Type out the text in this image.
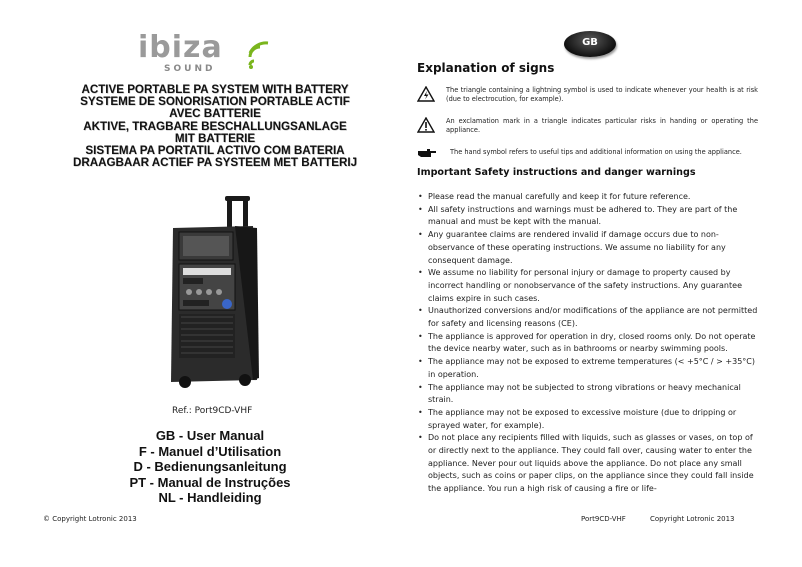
ibiza
SOUND
ACTIVE PORTABLE PA SYSTEM WITH BATTERY
SYSTEME DE SONORISATION PORTABLE ACTIF
AVEC BATTERIE
AKTIVE, TRAGBARE BESCHALLUNGSANLAGE
MIT BATTERIE
SISTEMA PA PORTATIL ACTIVO COM BATERIA
DRAAGBAAR ACTIEF PA SYSTEEM MET BATTERIJ
Ref.: Port9CD-VHF
GB - User Manual
F - Manuel d’Utilisation
D - Bedienungsanleitung
PT - Manual de Instruções
NL - Handleiding
© Copyright Lotronic 2013
GB
Explanation of signs
The triangle containing a lightning symbol is used to indicate whenever your health is at risk (due to electrocution, for example).
An exclamation mark in a triangle indicates particular risks in handing or operating the appliance.
The hand symbol refers to useful tips and additional information on using the appliance.
Important Safety instructions and danger warnings
• Please read the manual carefully and keep it for future reference.
• All safety instructions and warnings must be adhered to. They are part of the manual and must be kept with the manual.
• Any guarantee claims are rendered invalid if damage occurs due to non-observance of these operating instructions. We assume no liability for any consequent damage.
• We assume no liability for personal injury or damage to property caused by incorrect handling or nonobservance of the safety instructions. Any guarantee claims expire in such cases.
• Unauthorized conversions and/or modifications of the appliance are not permitted for safety and licensing reasons (CE).
• The appliance is approved for operation in dry, closed rooms only. Do not operate the device nearby water, such as in bathrooms or nearby swimming pools.
• The appliance may not be exposed to extreme temperatures (< +5°C / > +35°C) in operation.
• The appliance may not be subjected to strong vibrations or heavy mechanical strain.
• The appliance may not be exposed to excessive moisture (due to dripping or sprayed water, for example).
• Do not place any recipients filled with liquids, such as glasses or vases, on top of or directly next to the appliance. They could fall over, causing water to enter the appliance. Never pour out liquids above the appliance. Do not place any small objects, such as coins or paper clips, on the appliance since they could fall inside the appliance. You run a high risk of causing a fire or life-
Port9CD-VHF	Copyright Lotronic 2013
